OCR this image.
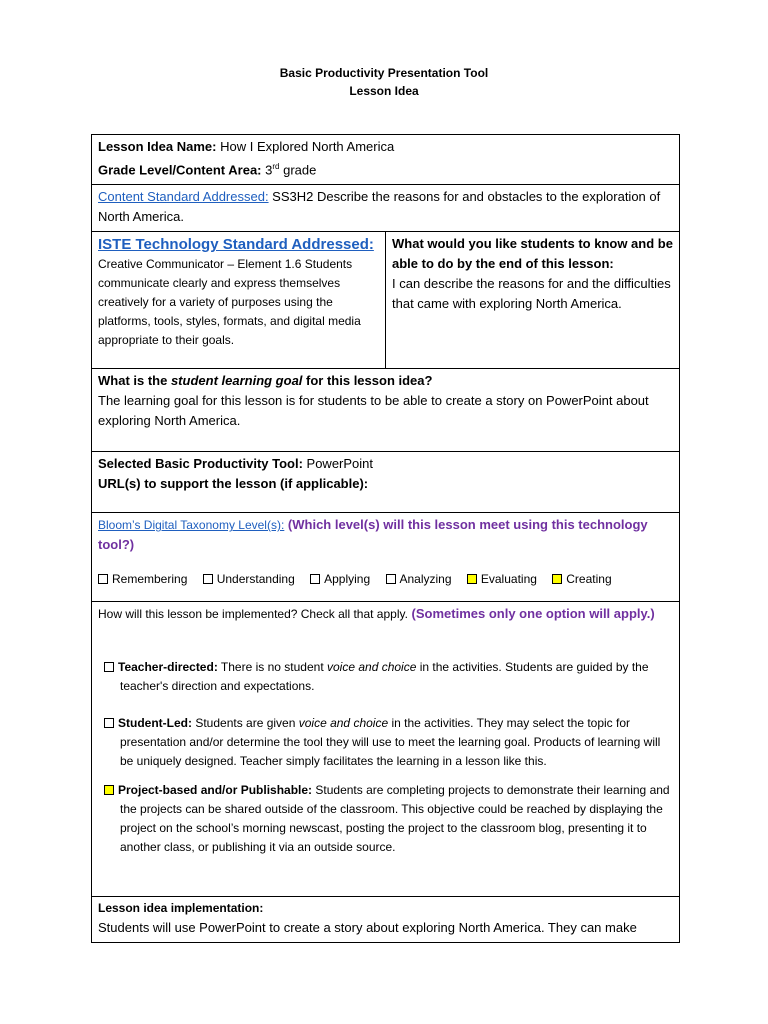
Basic Productivity Presentation Tool
Lesson Idea
Lesson Idea Name: How I Explored North America
Grade Level/Content Area: 3rd grade

Content Standard Addressed: SS3H2 Describe the reasons for and obstacles to the exploration of North America.

ISTE Technology Standard Addressed:
Creative Communicator – Element 1.6 Students communicate clearly and express themselves creatively for a variety of purposes using the platforms, tools, styles, formats, and digital media appropriate to their goals.

What would you like students to know and be able to do by the end of this lesson:
I can describe the reasons for and the difficulties that came with exploring North America.

What is the student learning goal for this lesson idea?
The learning goal for this lesson is for students to be able to create a story on PowerPoint about exploring North America.

Selected Basic Productivity Tool: PowerPoint
URL(s) to support the lesson (if applicable):

Bloom’s Digital Taxonomy Level(s): (Which level(s) will this lesson meet using this technology tool?)
Remembering Understanding Applying Analyzing Evaluating Creating

How will this lesson be implemented? Check all that apply. (Sometimes only one option will apply.)
Teacher-directed: There is no student voice and choice in the activities. Students are guided by the teacher's direction and expectations.
Student-Led: Students are given voice and choice in the activities. They may select the topic for presentation and/or determine the tool they will use to meet the learning goal. Products of learning will be uniquely designed. Teacher simply facilitates the learning in a lesson like this.
Project-based and/or Publishable: Students are completing projects to demonstrate their learning and the projects can be shared outside of the classroom. This objective could be reached by displaying the project on the school’s morning newscast, posting the project to the classroom blog, presenting it to another class, or publishing it via an outside source.

Lesson idea implementation:
Students will use PowerPoint to create a story about exploring North America. They can make
